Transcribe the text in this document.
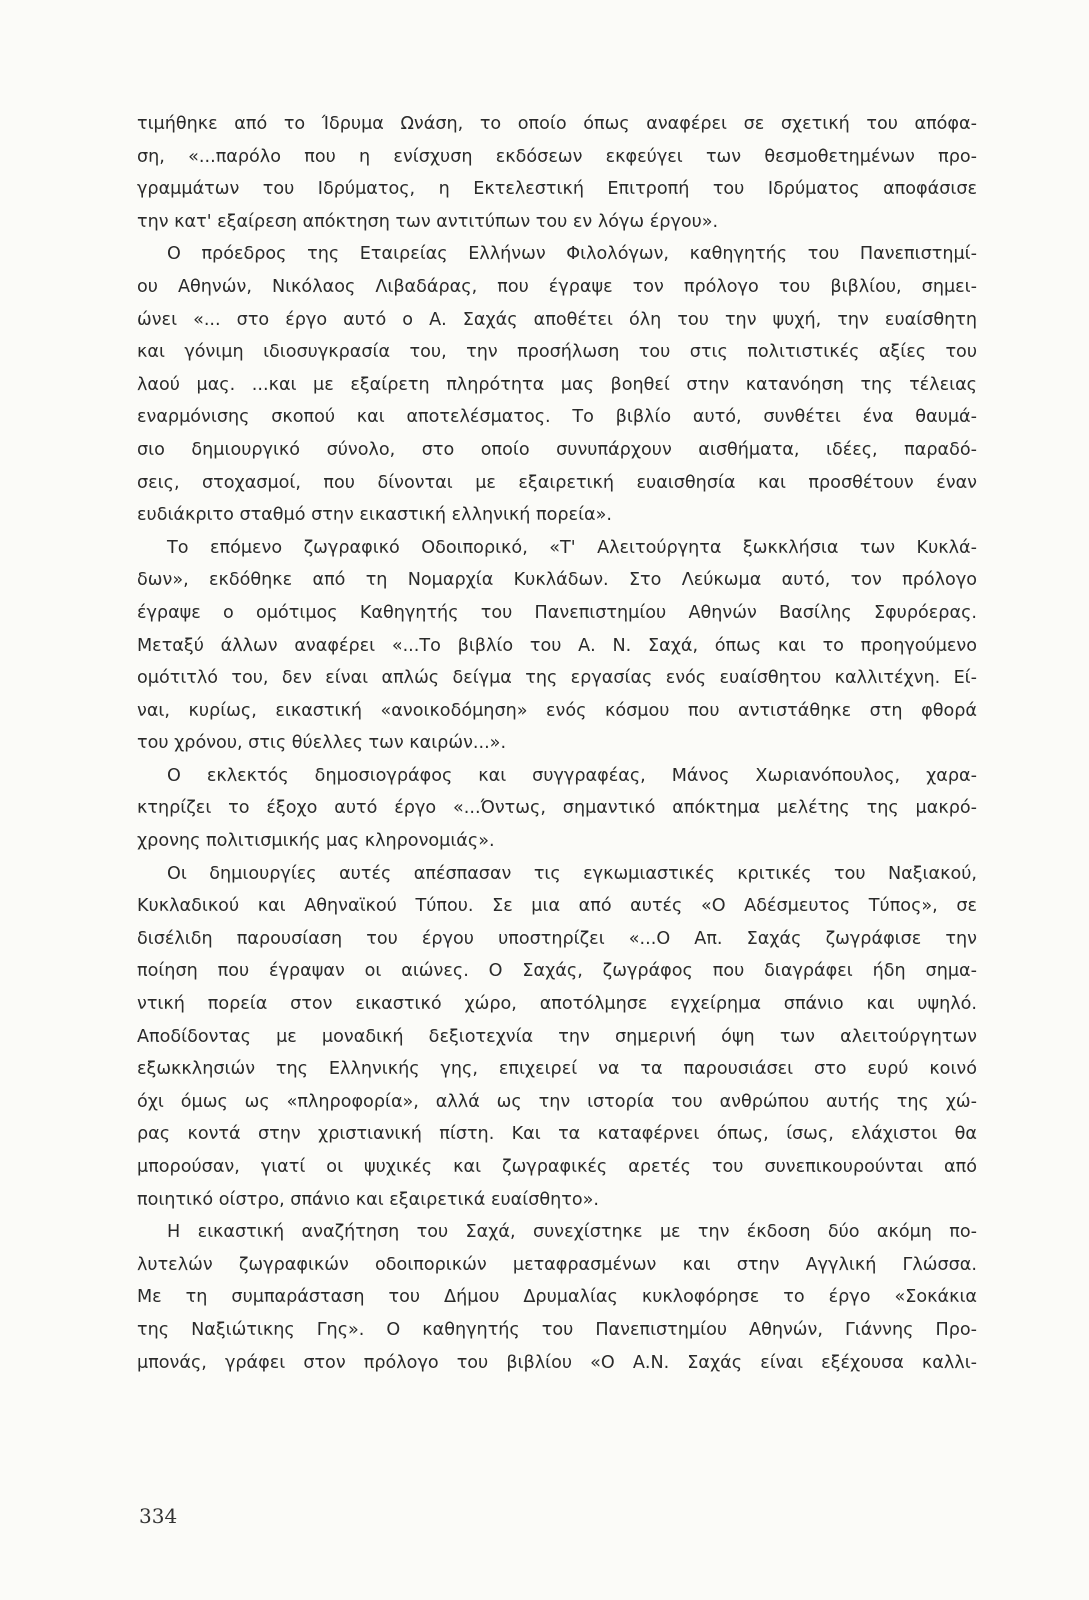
τιμήθηκε από το Ίδρυμα Ωνάση, το οποίο όπως αναφέρει σε σχετική του απόφα-
ση, «...παρόλο που η ενίσχυση εκδόσεων εκφεύγει των θεσμοθετημένων προ-
γραμμάτων του Ιδρύματος, η Εκτελεστική Επιτροπή του Ιδρύματος αποφάσισε
την κατ' εξαίρεση απόκτηση των αντιτύπων του εν λόγω έργου».
Ο πρόεδρος της Εταιρείας Ελλήνων Φιλολόγων, καθηγητής του Πανεπιστημί-
ου Αθηνών, Νικόλαος Λιβαδάρας, που έγραψε τον πρόλογο του βιβλίου, σημει-
ώνει «... στο έργο αυτό ο Α. Σαχάς αποθέτει όλη του την ψυχή, την ευαίσθητη
και γόνιμη ιδιοσυγκρασία του, την προσήλωση του στις πολιτιστικές αξίες του
λαού μας. ...και με εξαίρετη πληρότητα μας βοηθεί στην κατανόηση της τέλειας
εναρμόνισης σκοπού και αποτελέσματος. Το βιβλίο αυτό, συνθέτει ένα θαυμά-
σιο δημιουργικό σύνολο, στο οποίο συνυπάρχουν αισθήματα, ιδέες, παραδό-
σεις, στοχασμοί, που δίνονται με εξαιρετική ευαισθησία και προσθέτουν έναν
ευδιάκριτο σταθμό στην εικαστική ελληνική πορεία».
Το επόμενο ζωγραφικό Οδοιπορικό, «Τ' Αλειτούργητα ξωκκλήσια των Κυκλά-
δων», εκδόθηκε από τη Νομαρχία Κυκλάδων. Στο Λεύκωμα αυτό, τον πρόλογο
έγραψε ο ομότιμος Καθηγητής του Πανεπιστημίου Αθηνών Βασίλης Σφυρόερας.
Μεταξύ άλλων αναφέρει «...Το βιβλίο του Α. Ν. Σαχά, όπως και το προηγούμενο
ομότιτλό του, δεν είναι απλώς δείγμα της εργασίας ενός ευαίσθητου καλλιτέχνη. Εί-
ναι, κυρίως, εικαστική «ανοικοδόμηση» ενός κόσμου που αντιστάθηκε στη φθορά
του χρόνου, στις θύελλες των καιρών...».
Ο εκλεκτός δημοσιογράφος και συγγραφέας, Μάνος Χωριανόπουλος, χαρα-
κτηρίζει το έξοχο αυτό έργο «...Όντως, σημαντικό απόκτημα μελέτης της μακρό-
χρονης πολιτισμικής μας κληρονομιάς».
Οι δημιουργίες αυτές απέσπασαν τις εγκωμιαστικές κριτικές του Ναξιακού,
Κυκλαδικού και Αθηναϊκού Τύπου. Σε μια από αυτές «Ο Αδέσμευτος Τύπος», σε
δισέλιδη παρουσίαση του έργου υποστηρίζει «...Ο Απ. Σαχάς ζωγράφισε την
ποίηση που έγραψαν οι αιώνες. Ο Σαχάς, ζωγράφος που διαγράφει ήδη σημα-
ντική πορεία στον εικαστικό χώρο, αποτόλμησε εγχείρημα σπάνιο και υψηλό.
Αποδίδοντας με μοναδική δεξιοτεχνία την σημερινή όψη των αλειτούργητων
εξωκκλησιών της Ελληνικής γης, επιχειρεί να τα παρουσιάσει στο ευρύ κοινό
όχι όμως ως «πληροφορία», αλλά ως την ιστορία του ανθρώπου αυτής της χώ-
ρας κοντά στην χριστιανική πίστη. Και τα καταφέρνει όπως, ίσως, ελάχιστοι θα
μπορούσαν, γιατί οι ψυχικές και ζωγραφικές αρετές του συνεπικουρούνται από
ποιητικό οίστρο, σπάνιο και εξαιρετικά ευαίσθητο».
Η εικαστική αναζήτηση του Σαχά, συνεχίστηκε με την έκδοση δύο ακόμη πο-
λυτελών ζωγραφικών οδοιπορικών μεταφρασμένων και στην Αγγλική Γλώσσα.
Με τη συμπαράσταση του Δήμου Δρυμαλίας κυκλοφόρησε το έργο «Σοκάκια
της Ναξιώτικης Γης». Ο καθηγητής του Πανεπιστημίου Αθηνών, Γιάννης Προ-
μπονάς, γράφει στον πρόλογο του βιβλίου «Ο Α.Ν. Σαχάς είναι εξέχουσα καλλι-
334
